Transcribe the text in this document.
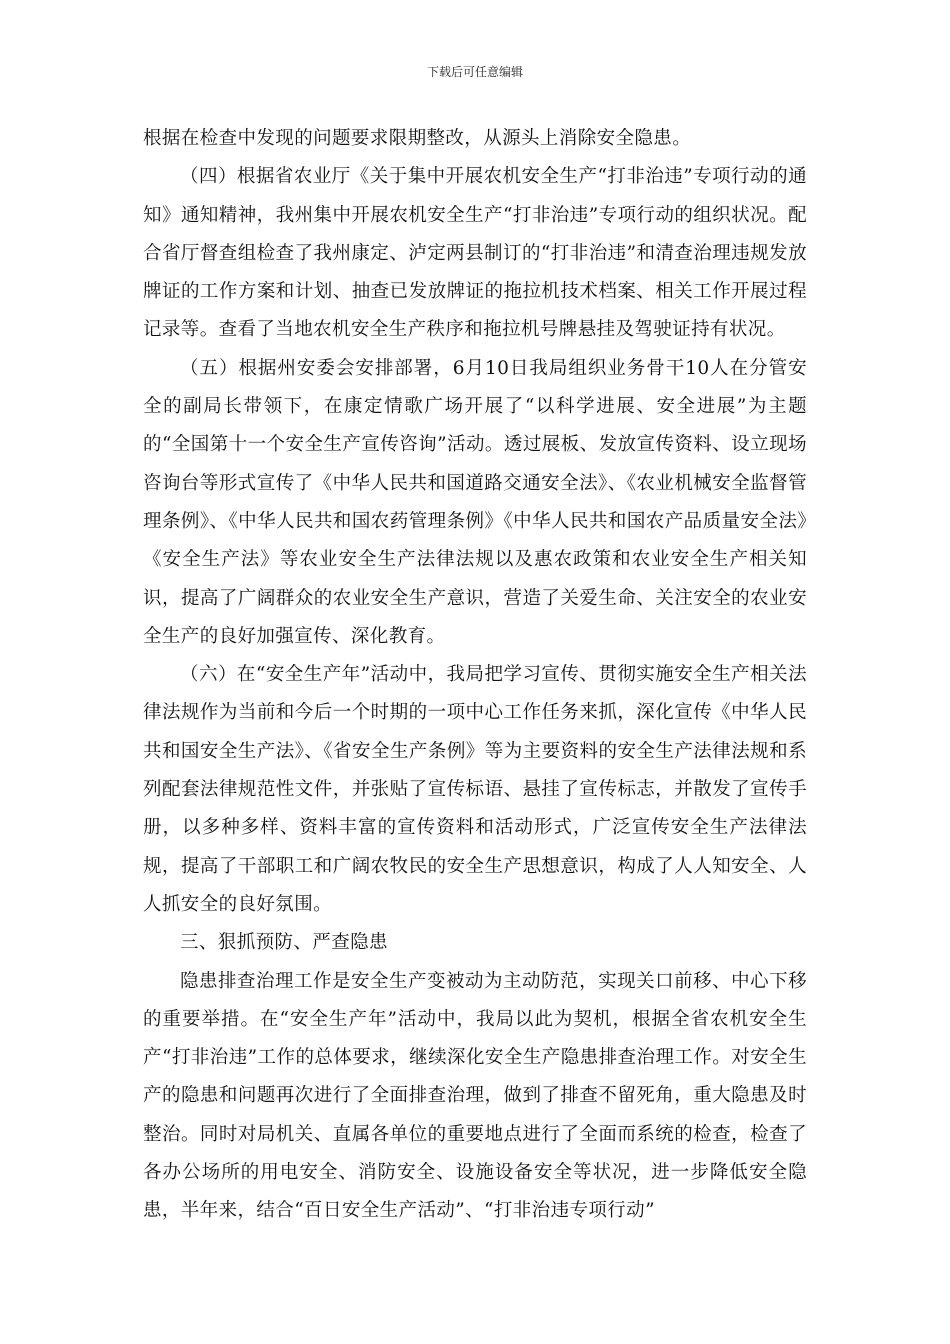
下载后可任意编辑

根据在检查中发现的问题要求限期整改，从源头上消除安全隐患。

（四）根据省农业厅《关于集中开展农机安全生产“打非治违”专项行动的通知》通知精神，我州集中开展农机安全生产“打非治违”专项行动的组织状况。配合省厅督查组检查了我州康定、泸定两县制订的“打非治违”和清查治理违规发放牌证的工作方案和计划、抽查已发放牌证的拖拉机技术档案、相关工作开展过程记录等。查看了当地农机安全生产秩序和拖拉机号牌悬挂及驾驶证持有状况。

（五）根据州安委会安排部署，6月10日我局组织业务骨干10人在分管安全的副局长带领下，在康定情歌广场开展了“以科学进展、安全进展”为主题的“全国第十一个安全生产宣传咨询”活动。透过展板、发放宣传资料、设立现场咨询台等形式宣传了《中华人民共和国道路交通安全法》、《农业机械安全监督管理条例》、《中华人民共和国农药管理条例》《中华人民共和国农产品质量安全法》《安全生产法》等农业安全生产法律法规以及惠农政策和农业安全生产相关知识，提高了广阔群众的农业安全生产意识，营造了关爱生命、关注安全的农业安全生产的良好加强宣传、深化教育。

（六）在“安全生产年”活动中，我局把学习宣传、贯彻实施安全生产相关法律法规作为当前和今后一个时期的一项中心工作任务来抓，深化宣传《中华人民共和国安全生产法》、《省安全生产条例》等为主要资料的安全生产法律法规和系列配套法律规范性文件，并张贴了宣传标语、悬挂了宣传标志，并散发了宣传手册，以多种多样、资料丰富的宣传资料和活动形式，广泛宣传安全生产法律法规，提高了干部职工和广阔农牧民的安全生产思想意识，构成了人人知安全、人人抓安全的良好氛围。

三、狠抓预防、严查隐患

隐患排查治理工作是安全生产变被动为主动防范，实现关口前移、中心下移的重要举措。在“安全生产年”活动中，我局以此为契机，根据全省农机安全生产“打非治违”工作的总体要求，继续深化安全生产隐患排查治理工作。对安全生产的隐患和问题再次进行了全面排查治理，做到了排查不留死角，重大隐患及时整治。同时对局机关、直属各单位的重要地点进行了全面而系统的检查，检查了各办公场所的用电安全、消防安全、设施设备安全等状况，进一步降低安全隐患，半年来，结合“百日安全生产活动”、“打非治违专项行动”
